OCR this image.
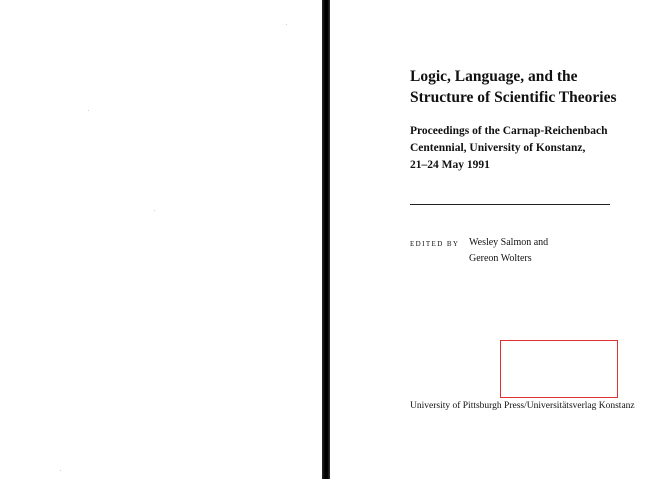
Logic, Language, and the
Structure of Scientific Theories
Proceedings of the Carnap-Reichenbach
Centennial, University of Konstanz,
21–24 May 1991
EDITED BY Wesley Salmon and
Gereon Wolters
University of Pittsburgh Press/Universitätsverlag Konstanz
